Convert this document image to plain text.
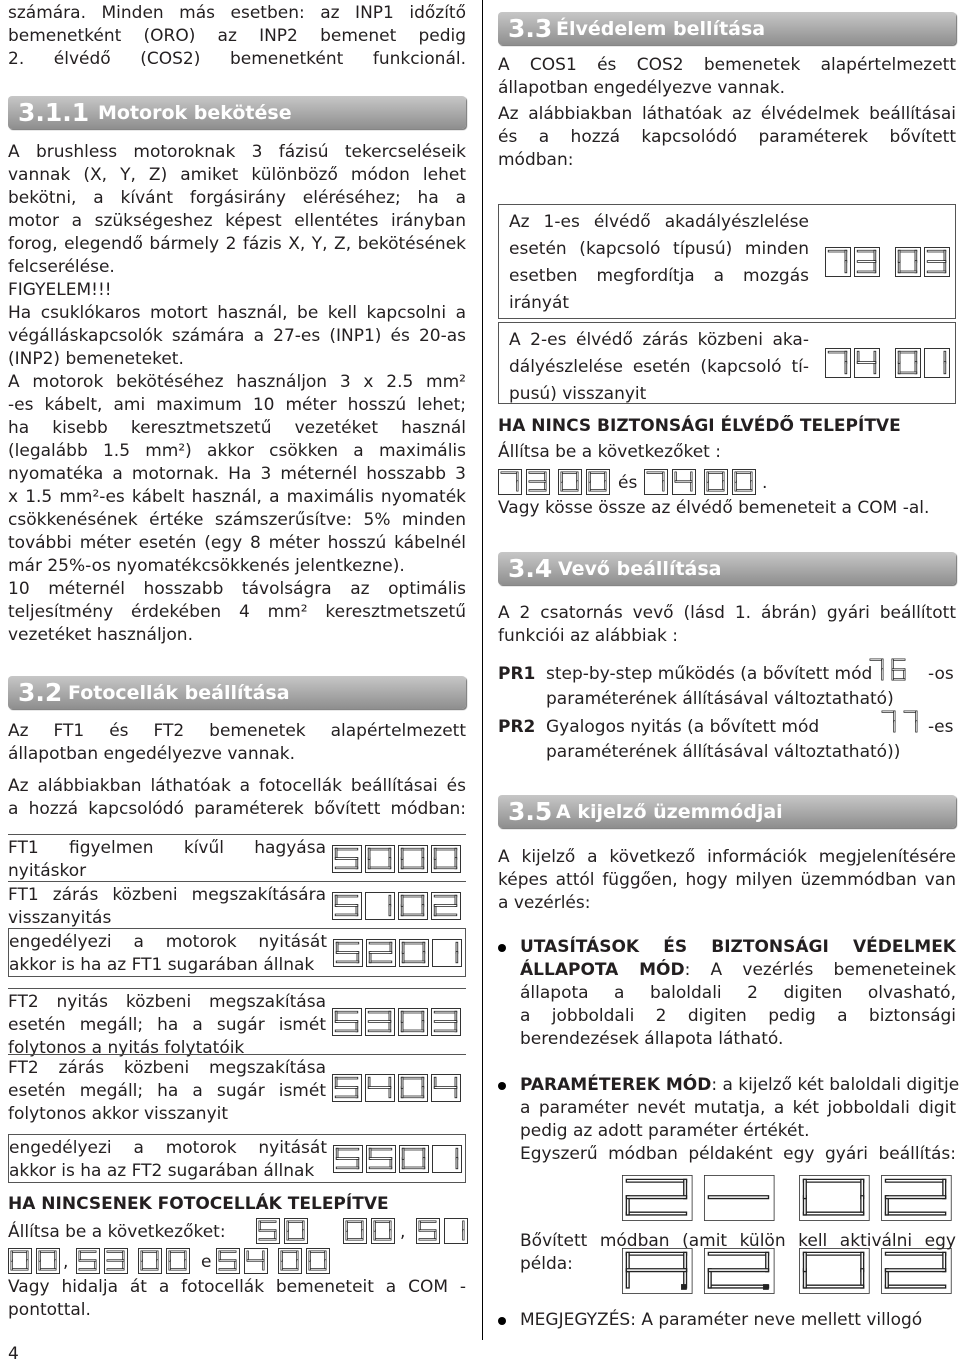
4
számára. Minden más esetben: az INP1 időzítő
bemenetként (ORO) az INP2 bemenet pedig
2. élvédő (COS2) bemenetként funkcionál.
3.1.1 Motorok bekötése
A brushless motoroknak 3 fázisú tekercseléseik
vannak (X, Y, Z) amiket különböző módon lehet
bekötni, a kívánt forgásirány eléréséhez; ha a
motor a szükségeshez képest ellentétes irányban
forog, elegendő bármely 2 fázis X, Y, Z, bekötésének
felcserélése.
FIGYELEM!!!
Ha csuklókaros motort használ, be kell kapcsolni a
végálláskapcsolók számára a 27-es (INP1) és 20-as
(INP2) bemeneteket.
A motorok bekötéséhez használjon 3 x 2.5 mm²
-es kábelt, ami maximum 10 méter hosszú lehet;
ha kisebb keresztmetszetű vezetéket használ
(legalább 1.5 mm²) akkor csökken a maximális
nyomatéka a motornak. Ha 3 méternél hosszabb 3
x 1.5 mm²-es kábelt használ, a maximális nyomaték
csökkenésének értéke számszerűsítve: 5% minden
további méter esetén (egy 8 méter hosszú kábelnél
már 25%-os nyomatékcsökkenés jelentkezne).
10 méternél hosszabb távolságra az optimális
teljesítmény érdekében 4 mm² keresztmetszetű
vezetéket használjon.
3.2 Fotocellák beállítása
Az FT1 és FT2 bemenetek alapértelmezett
állapotban engedélyezve vannak.
Az alábbiakban láthatóak a fotocellák beállításai és
a hozzá kapcsolódó paraméterek bővített módban:
FT1 figyelmen kívűl hagyása
nyitáskor
FT1 zárás közbeni megszakítására
visszanyitás
engedélyezi a motorok nyitását
akkor is ha az FT1 sugarában állnak
FT2 nyitás közbeni megszakítása
esetén megáll; ha a sugár ismét
folytonos a nyitás folytatóik
FT2 zárás közbeni megszakítása
esetén megáll; ha a sugár ismét
folytonos akkor visszanyit
engedélyezi a motorok nyitását
akkor is ha az FT2 sugarában állnak
HA NINCSENEK FOTOCELLÁK TELEPÍTVE
Állítsa be a következőket:	,
,	e
Vagy hidalja át a fotocellák bemeneteit a COM -
pontottal.
3.3 Élvédelem bellítása
A COS1 és COS2 bemenetek alapértelmezett
állapotban engedélyezve vannak.
Az alábbiakban láthatóak az élvédelmek beállításai
és a hozzá kapcsolódó paraméterek bővített
módban:
Az 1-es élvédő akadályészlelése
esetén (kapcsoló típusú) minden
esetben megfordítja a mozgás
irányát
A 2-es élvédő zárás közbeni aka-
dályészlelése esetén (kapcsoló tí-
pusú) visszanyit
HA NINCS BIZTONSÁGI ÉLVÉDŐ TELEPÍTVE
Állítsa be a következőket :
és	.
Vagy kösse össze az élvédő bemeneteit a COM -al.
3.4 Vevő beállítása
A 2 csatornás vevő (lásd 1. ábrán) gyári beállított
funkciói az alábbiak :
PR1 step-by-step működés (a bővített mód	-os
paraméterének állításával változtatható)
PR2 Gyalogos nyitás (a bővített mód	-es
paraméterének állításával változtatható))
3.5 A kijelző üzemmódjai
A kijelző a következő információk megjelenítésére
képes attól függően, hogy milyen üzemmódban van
a vezérlés:
UTASÍTÁSOK ÉS BIZTONSÁGI VÉDELMEK
ÁLLAPOTA MÓD: A vezérlés bemeneteinek
állapota a baloldali 2 digiten olvasható,
a jobboldali 2 digiten pedig a biztonsági
berendezések állapota látható.
PARAMÉTEREK MÓD: a kijelző két baloldali digitje
a paraméter nevét mutatja, a két jobboldali digit
pedig az adott paraméter értékét.
Egyszerű módban példaként egy gyári beállítás:
Bővített módban (amit külön kell aktiválni egy
példa:
MEGJEGYZÉS: A paraméter neve mellett villogó
